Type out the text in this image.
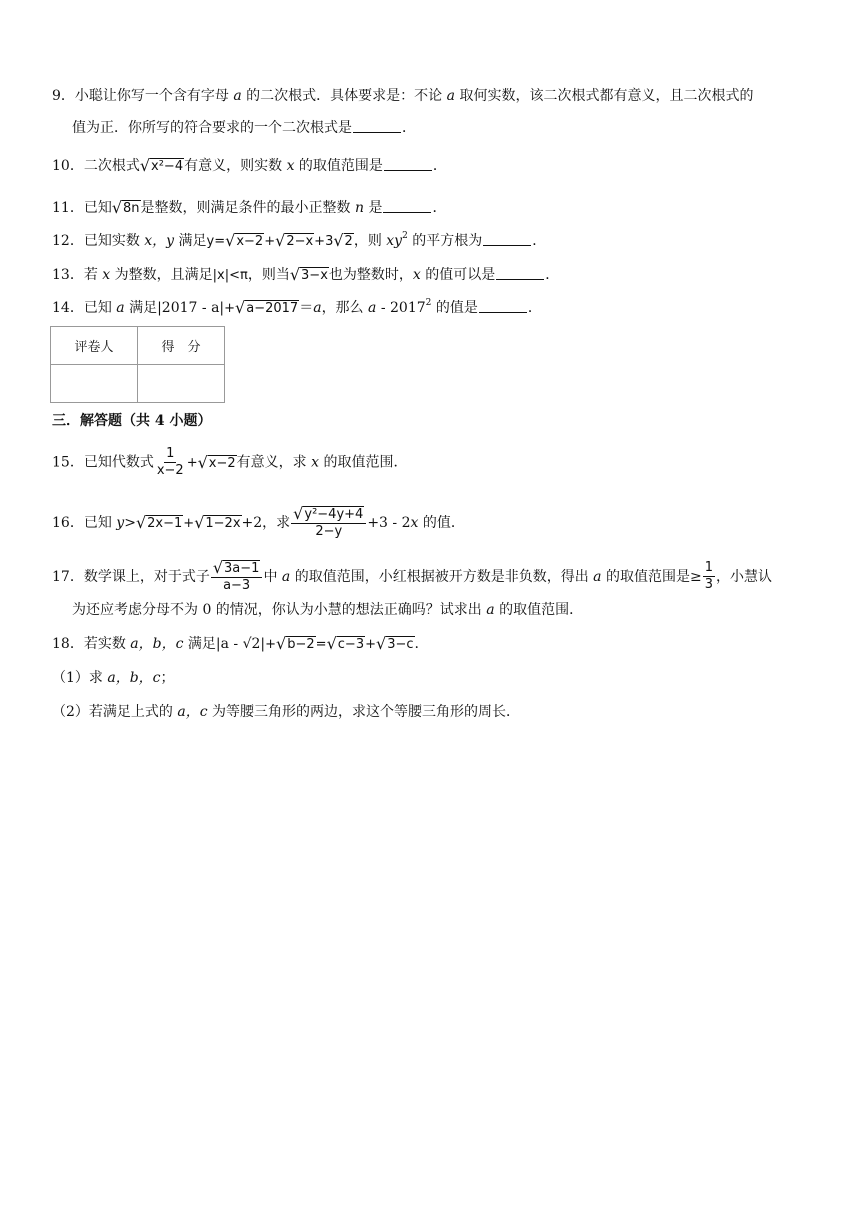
9．小聪让你写一个含有字母 a 的二次根式．具体要求是：不论 a 取何实数，该二次根式都有意义，且二次根式的
值为正．你所写的符合要求的一个二次根式是	．
10．二次根式 √ x²−4 有意义，则实数 x 的取值范围是	．
11．已知 √ 8n 是整数，则满足条件的最小正整数 n 是	．
12．已知实数 x，y 满足y= √ x−2 + √ 2−x +3 √ 2 ，则 $xy^2$ 的平方根为	．
13．若 x 为整数，且满足|x|<π，则当 √ 3−x 也为整数时，x 的值可以是	．
14．已知 a 满足|2017 - a|+ √ a−2017 ＝a，那么 a - 2017$^2$ 的值是	．
评卷人	得　分

三．解答题（共 4 小题）
15．已知代数式 $\frac{1}{x-2}$ + √ x−2 有意义，求 x 的取值范围．
16．已知 y> √ 2x−1 + √ 1−2x +2，求 $\frac{\text{√ y²−4y+4}}{2-y} +3 - 2x$ 的值．
17．数学课上，对于式子 $\frac{√ 3a-1}{a-3}$ 中 a 的取值范围，小红根据被开方数是非负数，得出 a 的取值范围是≥ $\frac{1}{3}$ ，小慧认
为还应考虑分母不为 0 的情况，你认为小慧的想法正确吗？试求出 a 的取值范围．
18．若实数 a，b，c 满足|a - √2|+ √ b−2 = √ c−3 + √ 3−c .
（1）求 a，b，c；
（2）若满足上式的 a，c 为等腰三角形的两边，求这个等腰三角形的周长．
